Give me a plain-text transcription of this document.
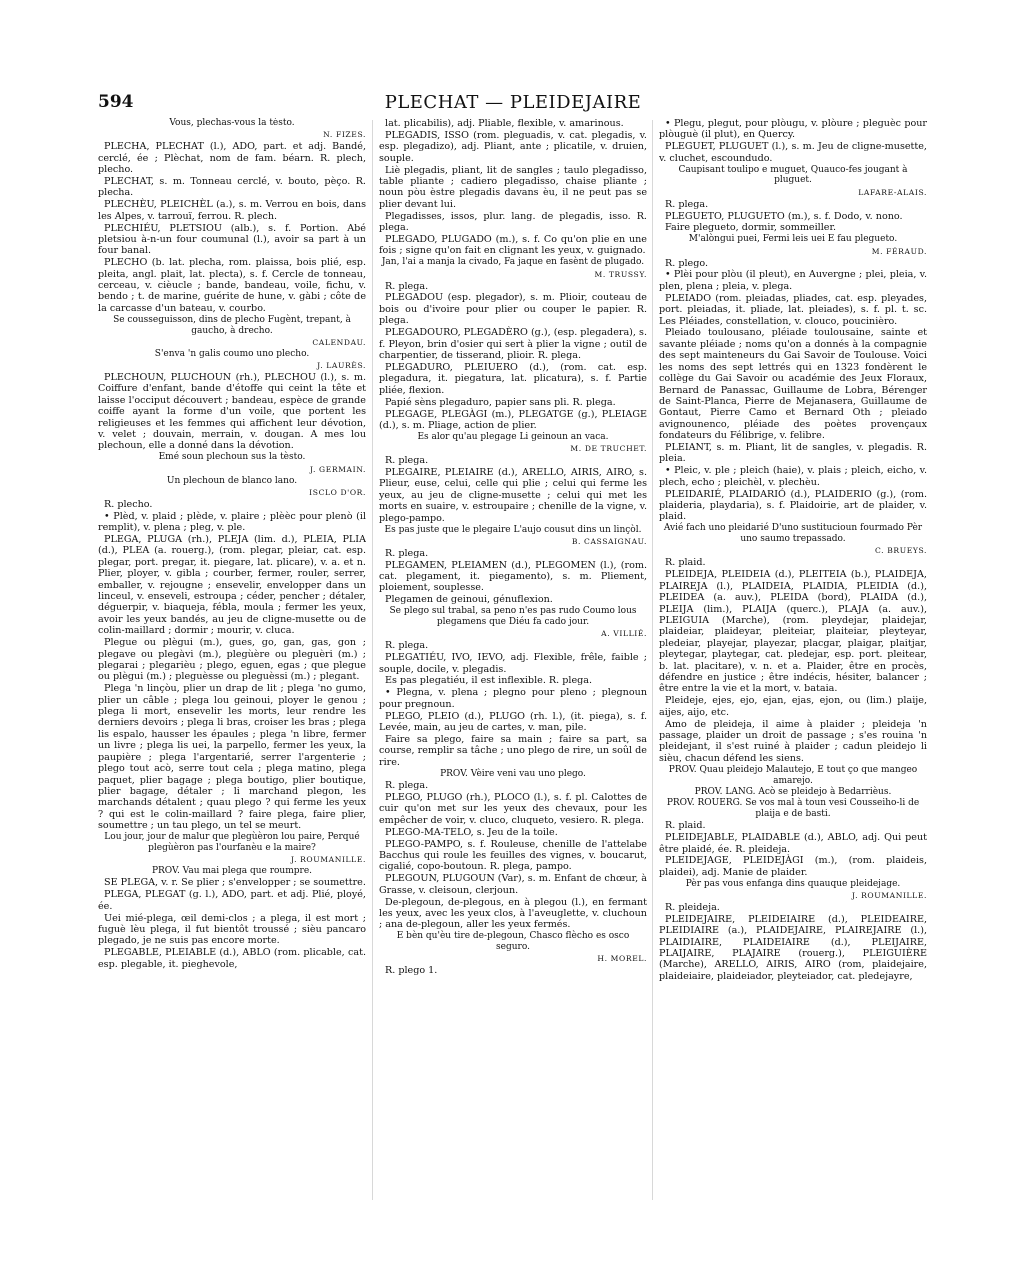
594	PLECHAT — PLEIDEJAIRE

Vous, plechas-vous la tèsto.

N. FIZES.

PLECHA, PLECHAT (l.), ADO, part. et adj. Bandé, cerclé, ée ; Plèchat, nom de fam. béarn. R. plech, plecho.

PLECHAT, s. m. Tonneau cerclé, v. bouto, pèço. R. plecha.

PLECHÈU, PLEICHÈL (a.), s. m. Verrou en bois, dans les Alpes, v. tarrouï, ferrou. R. plech.

PLECHIÉU, PLETSIOU (alb.), s. f. Portion. Abé pletsiou à-n-un four coumunal (l.), avoir sa part à un four banal.

PLECHO (b. lat. plecha, rom. plaissa, bois plié, esp. pleita, angl. plait, lat. plecta), s. f. Cercle de tonneau, cerceau, v. cièucle ; bande, bandeau, voile, fichu, v. bendo ; t. de marine, guérite de hune, v. gàbi ; côte de la carcasse d'un bateau, v. courbo.

Se cousseguisson, dins de plecho Fugènt, trepant, à gaucho, à drecho.

CALENDAU.

S'enva 'n galis coumo uno plecho.

J. LAURÈS.

PLECHOUN, PLUCHOUN (rh.), PLECHOU (l.), s. m. Coiffure d'enfant, bande d'étoffe qui ceint la tête et laisse l'occiput découvert ; bandeau, espèce de grande coiffe ayant la forme d'un voile, que portent les religieuses et les femmes qui affichent leur dévotion, v. velet ; douvain, merrain, v. dougan. A mes lou plechoun, elle a donné dans la dévotion.

Emé soun plechoun sus la tèsto.

J. GERMAIN.

Un plechoun de blanco lano.

ISCLO D'OR.

R. plecho.

• Plèd, v. plaid ; plède, v. plaire ; plèèc pour plenò (il remplit), v. plena ; pleg, v. ple.

PLEGA, PLUGA (rh.), PLEJA (lim. d.), PLEIA, PLIA (d.), PLEA (a. rouerg.), (rom. plegar, pleiar, cat. esp. plegar, port. pregar, it. piegare, lat. plicare), v. a. et n. Plier, ployer, v. gibla ; courber, fermer, rouler, serrer, emballer, v. rejougne ; ensevelir, envelopper dans un linceul, v. enseveli, estroupa ; céder, pencher ; détaler, déguerpir, v. biaqueja, fébla, moula ; fermer les yeux, avoir les yeux bandés, au jeu de cligne-musette ou de colin-maillard ; dormir ; mourir, v. clucа.

Plegue ou plègui (m.), gues, go, gan, gas, gon ; plegave ou plegàvi (m.), plegùère ou pleguèri (m.) ; plegarai ; plegarièu ; plego, eguen, egas ; que plegue ou plègui (m.) ; pleguèsse ou pleguèssi (m.) ; plegant.

Plega 'n linçòu, plier un drap de lit ; plega 'no gumo, plier un câble ; plega lou geinoui, ployer le genou ; plega li mort, ensevelir les morts, leur rendre les derniers devoirs ; plega li bras, croiser les bras ; plega lis espalo, hausser les épaules ; plega 'n libre, fermer un livre ; plega lis uei, la parpello, fermer les yeux, la paupière ; plega l'argentarié, serrer l'argenterie ; plego tout acò, serre tout cela ; plega matino, plega paquet, plier bagage ; plega boutigo, plier boutique, plier bagage, détaler ; li marchand plegon, les marchands détalent ; quau plego ? qui ferme les yeux ? qui est le colin-maillard ? faire plega, faire plier, soumettre ; un tau plego, un tel se meurt.

Lou jour, jour de malur que plegùèron lou paire, Perqué plegùèron pas l'ourfanèu e la maire?

J. ROUMANILLE.

PROV. Vau mai plega que roumpre.

SE PLEGA, v. r. Se plier ; s'envelopper ; se soumettre.

PLEGA, PLEGAT (g. l.), ADO, part. et adj. Plié, ployé, ée.

Uei mié-plega, œil demi-clos ; a plega, il est mort ; fuguè lèu plega, il fut bientôt troussé ; sièu pancaro plegado, je ne suis pas encore morte.

PLEGABLE, PLEIABLE (d.), ABLO (rom. plicable, cat. esp. plegable, it. pieghevole,

lat. plicabilis), adj. Pliable, flexible, v. amarinous.

PLEGADIS, ISSO (rom. pleguadis, v. cat. plegadis, v. esp. plegadizo), adj. Pliant, ante ; plicatile, v. druien, souple.

Liè plegadis, pliant, lit de sangles ; taulo plegadisso, table pliante ; cadiero plegadisso, chaise pliante ; noun pòu èstre plegadis davans èu, il ne peut pas se plier devant lui.

Plegadisses, issos, plur. lang. de plegadis, isso. R. plega.

PLEGADO, PLUGADO (m.), s. f. Co qu'on plie en une fois ; signe qu'on fait en clignant les yeux, v. guignado.

Jan, l'ai a manja la civado, Fa jaque en fasènt de plugado.

M. TRUSSY.

R. plega.

PLEGADOU (esp. plegador), s. m. Plioir, couteau de bois ou d'ivoire pour plier ou couper le papier. R. plega.

PLEGADOURO, PLEGADÈRO (g.), (esp. plegadera), s. f. Pleyon, brin d'osier qui sert à plier la vigne ; outil de charpentier, de tisserand, plioir. R. plega.

PLEGADURO, PLEIUERO (d.), (rom. cat. esp. plegadura, it. piegatura, lat. plicatura), s. f. Partie pliée, flexion.

Papié sèns plegaduro, papier sans pli. R. plega.

PLEGAGE, PLEGÀGI (m.), PLEGATGE (g.), PLEIAGE (d.), s. m. Pliage, action de plier.

Es alor qu'au plegage Li geinoun an vaca.

M. DE TRUCHET.

R. plega.

PLEGAIRE, PLEIAIRE (d.), ARELLO, AIRIS, AIRO, s. Plieur, euse, celui, celle qui plie ; celui qui ferme les yeux, au jeu de cligne-musette ; celui qui met les morts en suaire, v. estroupaire ; chenille de la vigne, v. plego-pampo.

Es pas juste que le plegaire L'aujo cousut dins un linçòl.

B. CASSAIGNAU.

R. plega.

PLEGAMEN, PLEIAMEN (d.), PLEGOMEN (l.), (rom. cat. plegament, it. piegamento), s. m. Pliement, ploiement, souplesse.

Plegamen de geinoui, génuflexion.

Se plego sul trabal, sa peno n'es pas rudo Coumo lous plegamens que Diéu fa cado jour.

A. VILLIÉ.

R. plega.

PLEGATIÉU, IVO, IEVO, adj. Flexible, frêle, faible ; souple, docile, v. plegadis.

Es pas plegatiéu, il est inflexible. R. plega.

• Plegna, v. plena ; plegno pour pleno ; plegnoun pour pregnoun.

PLEGO, PLEIO (d.), PLUGO (rh. l.), (it. piega), s. f. Levée, main, au jeu de cartes, v. man, pile.

Faire sa plego, faire sa main ; faire sa part, sa course, remplir sa tâche ; uno plego de rire, un soûl de rire.

PROV. Vèire veni vau uno plego.

R. plega.

PLEGO, PLUGO (rh.), PLOCO (l.), s. f. pl. Calottes de cuir qu'on met sur les yeux des chevaux, pour les empêcher de voir, v. cluco, cluqueto, vesiero. R. plega.

PLEGO-MA-TELO, s. Jeu de la toile.

PLEGO-PAMPO, s. f. Rouleuse, chenille de l'attelabe Bacchus qui roule les feuilles des vignes, v. boucarut, cigalié, copo-boutoun. R. plega, pampo.

PLEGOUN, PLUGOUN (Var), s. m. Enfant de chœur, à Grasse, v. cleisoun, clerjoun.

De-plegoun, de-plegous, en à plegou (l.), en fermant les yeux, avec les yeux clos, à l'aveuglette, v. cluchoun ; ana de-plegoun, aller les yeux fermés.

E bèn qu'èu tire de-plegoun, Chasco flècho es osco seguro.

H. MOREL.

R. plego 1.

• Plegu, plegut, pour plòugu, v. plòure ; pleguèc pour plòuguè (il plut), en Quercy.

PLEGUET, PLUGUET (l.), s. m. Jeu de cligne-musette, v. cluchet, escoundudo.

Caupisant toulipo e muguet, Quauco-fes jougant à pluguet.

LAFARE-ALAIS.

R. plega.

PLEGUETO, PLUGUETO (m.), s. f. Dodo, v. nono.

Faire plegueto, dormir, sommeiller.

M'alòngui puei, Fermi leis uei E fau plegueto.

M. FÉRAUD.

R. plego.

• Plèi pour plòu (il pleut), en Auvergne ; plei, pleia, v. plen, plena ; pleia, v. plega.

PLEIADO (rom. pleiadas, pliades, cat. esp. pleyades, port. pleiadas, it. pliade, lat. pleiades), s. f. pl. t. sc. Les Pléiades, constellation, v. clouco, poucinièro.

Pleiado toulousano, pléiade toulousaine, sainte et savante pléiade ; noms qu'on a donnés à la compagnie des sept mainteneurs du Gai Savoir de Toulouse. Voici les noms des sept lettrés qui en 1323 fondèrent le collège du Gai Savoir ou académie des Jeux Floraux, Bernard de Panassac, Guillaume de Lobra, Bérenger de Saint-Planca, Pierre de Mejanasera, Guillaume de Gontaut, Pierre Camo et Bernard Oth ; pleiado avignounenco, pléiade des poètes provençaux fondateurs du Félibrige, v. felibre.

PLEIANT, s. m. Pliant, lit de sangles, v. plegadis. R. pleia.

• Pleic, v. ple ; pleich (haie), v. plais ; pleich, eicho, v. plech, echo ; pleichèl, v. plechèu.

PLEIDARIÉ, PLAIDARIÓ (d.), PLAIDERIO (g.), (rom. plaideria, playdaria), s. f. Plaidoirie, art de plaider, v. plaid.

Avié fach uno pleidarié D'uno sustitucioun fourmado Pèr uno saumo trepassado.

C. BRUEYS.

R. plaid.

PLEIDEJA, PLEIDEIA (d.), PLEITEIA (b.), PLAIDEJA, PLAIREJA (l.), PLAIDEIA, PLAIDIA, PLEIDIA (d.), PLEIDEA (a. auv.), PLEIDA (bord), PLAIDA (d.), PLEIJA (lim.), PLAIJA (querc.), PLAJA (a. auv.), PLEIGUIA (Marche), (rom. pleydejar, plaidejar, plaideiar, plaideyar, pleiteiar, plaiteiar, pleyteyar, pledeiar, playejar, playezar, placgar, plaigar, plaitjar, pleytegar, playtegar, cat. pledejar, esp. port. pleitear, b. lat. placitare), v. n. et a. Plaider, être en procès, défendre en justice ; être indécis, hésiter, balancer ; être entre la vie et la mort, v. bataia.

Pleideje, ejes, ejo, ejan, ejas, ejon, ou (lim.) plaije, aijes, aijo, etc.

Amo de pleideja, il aime à plaider ; pleideja 'n passage, plaider un droit de passage ; s'es rouina 'n pleidejant, il s'est ruiné à plaider ; cadun pleidejo li sièu, chacun défend les siens.

PROV. Quau pleidejo Malautejo, E tout ço que mangeo amarejo.

PROV. LANG. Acò se pleidejo à Bedarrièus.

PROV. ROUERG. Se vos mal à toun vesi Cousseiho-li de plaija e de basti.

R. plaid.

PLEIDEJABLE, PLAIDABLE (d.), ABLO, adj. Qui peut être plaidé, ée. R. pleideja.

PLEIDEJAGE, PLEIDEJÀGI (m.), (rom. plaideis, plaidei), adj. Manie de plaider.

Pèr pas vous enfanga dins quauque pleidejage.

J. ROUMANILLE.

R. pleideja.

PLEIDEJAIRE, PLEIDEIAIRE (d.), PLEIDEAIRE, PLEIDIAIRE (a.), PLAIDEJAIRE, PLAIREJAIRE (l.), PLAIDIAIRE, PLAIDEIAIRE (d.), PLEIJAIRE, PLAIJAIRE, PLAJAIRE (rouerg.), PLEIGUIÈRE (Marche), ARELLO, AIRIS, AIRO (rom, plaidejaire, plaideiaire, plaideiador, pleyteiador, cat. pledejayre,
